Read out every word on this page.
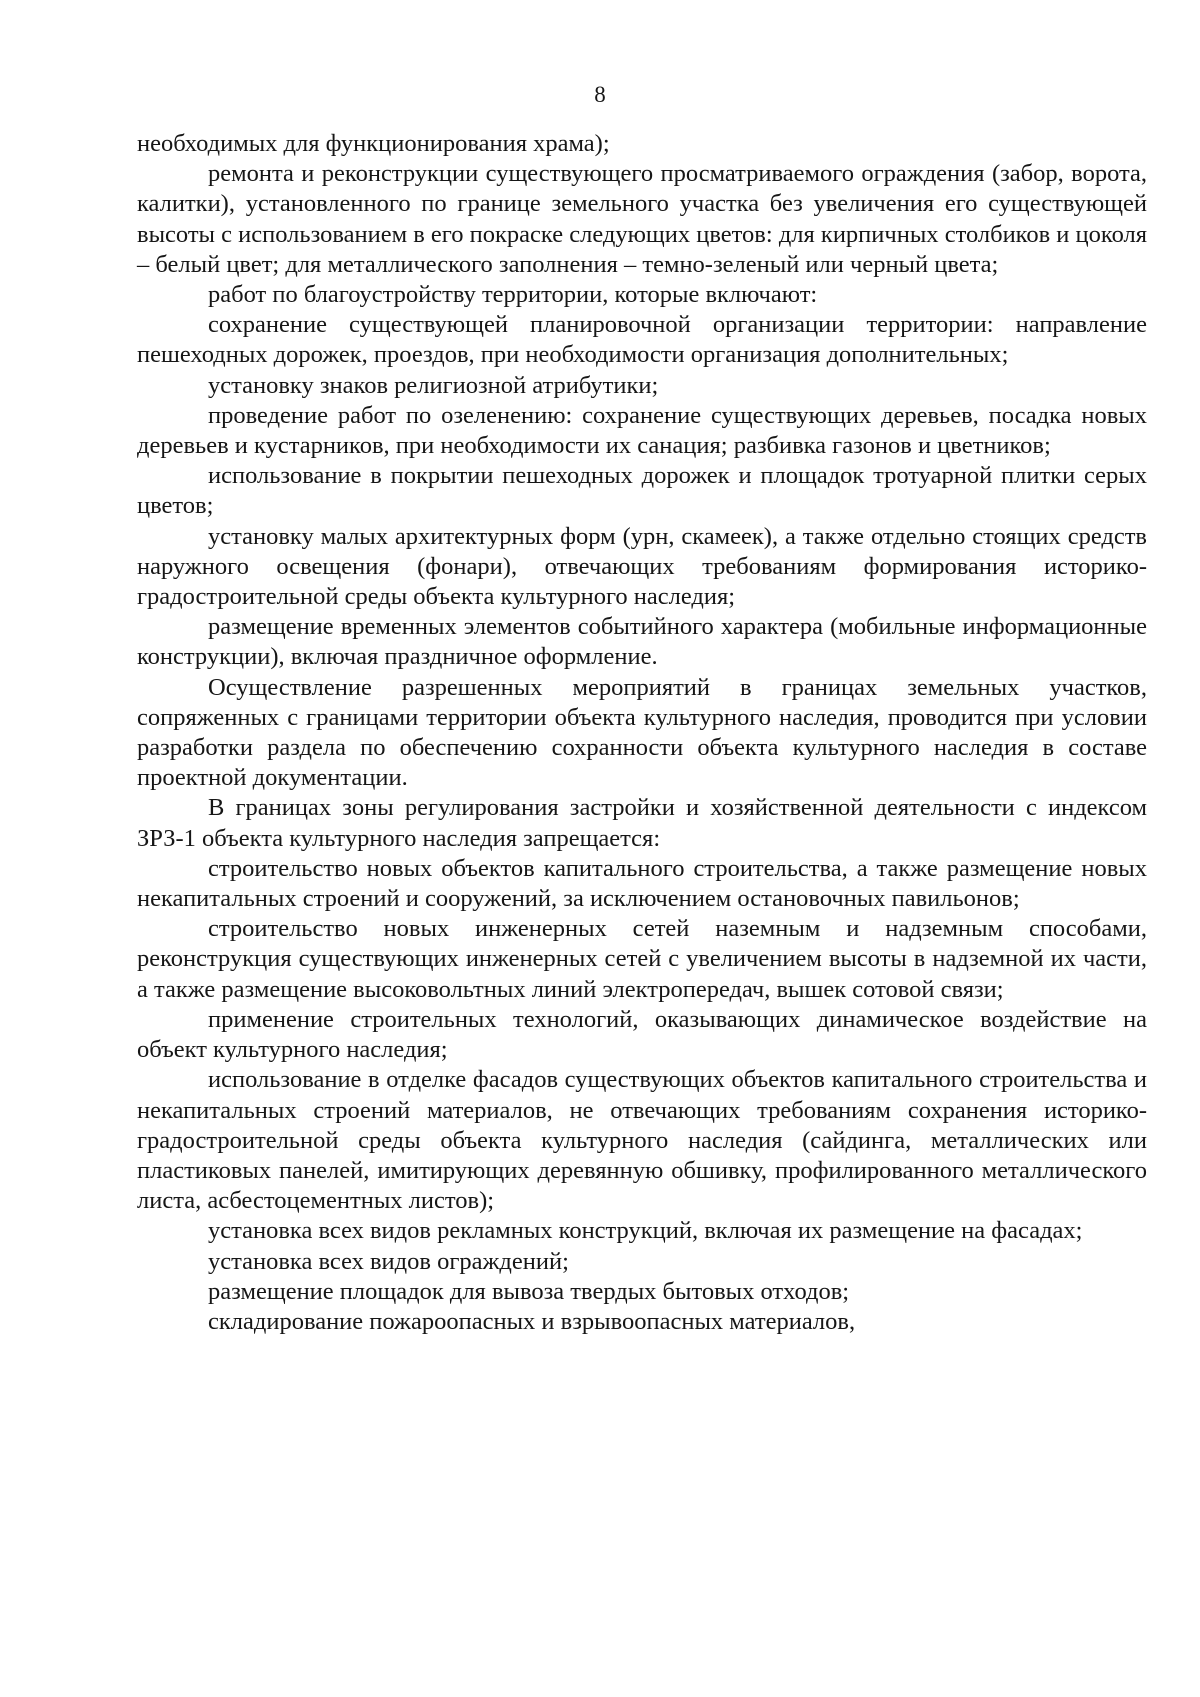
8

необходимых для функционирования храма);

ремонта и реконструкции существующего просматриваемого ограждения (забор, ворота, калитки), установленного по границе земельного участка без увеличения его существующей высоты с использованием в его покраске следующих цветов: для кирпичных столбиков и цоколя – белый цвет; для металлического заполнения – темно-зеленый или черный цвета;

работ по благоустройству территории, которые включают:

сохранение существующей планировочной организации территории: направление пешеходных дорожек, проездов, при необходимости организация дополнительных;

установку знаков религиозной атрибутики;

проведение работ по озеленению: сохранение существующих деревьев, посадка новых деревьев и кустарников, при необходимости их санация; разбивка газонов и цветников;

использование в покрытии пешеходных дорожек и площадок тротуарной плитки серых цветов;

установку малых архитектурных форм (урн, скамеек), а также отдельно стоящих средств наружного освещения (фонари), отвечающих требованиям формирования историко-градостроительной среды объекта культурного наследия;

размещение временных элементов событийного характера (мобильные информационные конструкции), включая праздничное оформление.

Осуществление разрешенных мероприятий в границах земельных участков, сопряженных с границами территории объекта культурного наследия, проводится при условии разработки раздела по обеспечению сохранности объекта культурного наследия в составе проектной документации.

В границах зоны регулирования застройки и хозяйственной деятельности с индексом ЗРЗ-1 объекта культурного наследия запрещается:

строительство новых объектов капитального строительства, а также размещение новых некапитальных строений и сооружений, за исключением остановочных павильонов;

строительство новых инженерных сетей наземным и надземным способами, реконструкция существующих инженерных сетей с увеличением высоты в надземной их части, а также размещение высоковольтных линий электропередач, вышек сотовой связи;

применение строительных технологий, оказывающих динамическое воздействие на объект культурного наследия;

использование в отделке фасадов существующих объектов капитального строительства и некапитальных строений материалов, не отвечающих требованиям сохранения историко-градостроительной среды объекта культурного наследия (сайдинга, металлических или пластиковых панелей, имитирующих деревянную обшивку, профилированного металлического листа, асбестоцементных листов);

установка всех видов рекламных конструкций, включая их размещение на фасадах;

установка всех видов ограждений;

размещение площадок для вывоза твердых бытовых отходов;

складирование пожароопасных и взрывоопасных материалов,
